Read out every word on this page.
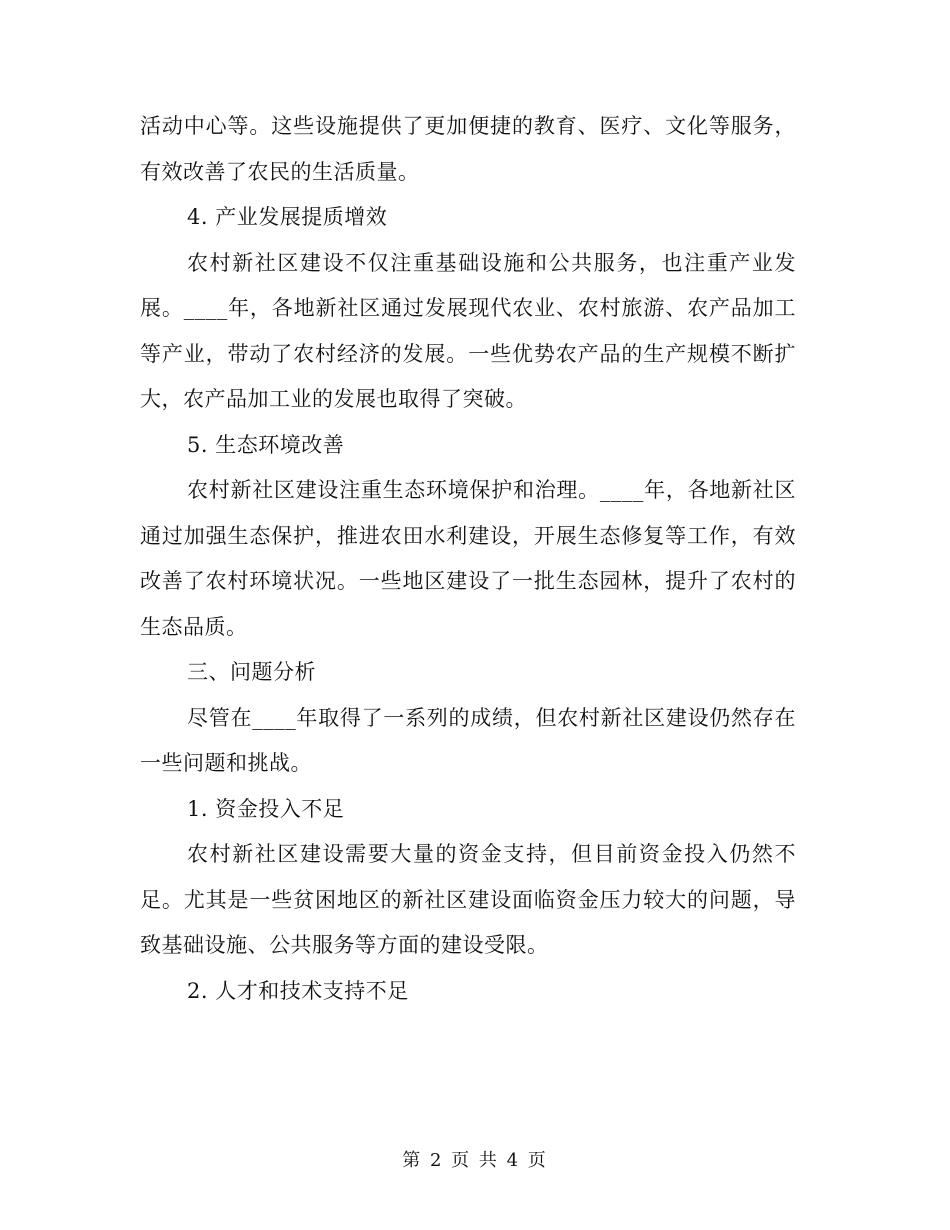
活动中心等。这些设施提供了更加便捷的教育、医疗、文化等服务，有效改善了农民的生活质量。

4. 产业发展提质增效

农村新社区建设不仅注重基础设施和公共服务，也注重产业发展。____年，各地新社区通过发展现代农业、农村旅游、农产品加工等产业，带动了农村经济的发展。一些优势农产品的生产规模不断扩大，农产品加工业的发展也取得了突破。

5. 生态环境改善

农村新社区建设注重生态环境保护和治理。____年，各地新社区通过加强生态保护，推进农田水利建设，开展生态修复等工作，有效改善了农村环境状况。一些地区建设了一批生态园林，提升了农村的生态品质。

三、问题分析

尽管在____年取得了一系列的成绩，但农村新社区建设仍然存在一些问题和挑战。

1. 资金投入不足

农村新社区建设需要大量的资金支持，但目前资金投入仍然不足。尤其是一些贫困地区的新社区建设面临资金压力较大的问题，导致基础设施、公共服务等方面的建设受限。

2. 人才和技术支持不足

第 2 页 共 4 页
